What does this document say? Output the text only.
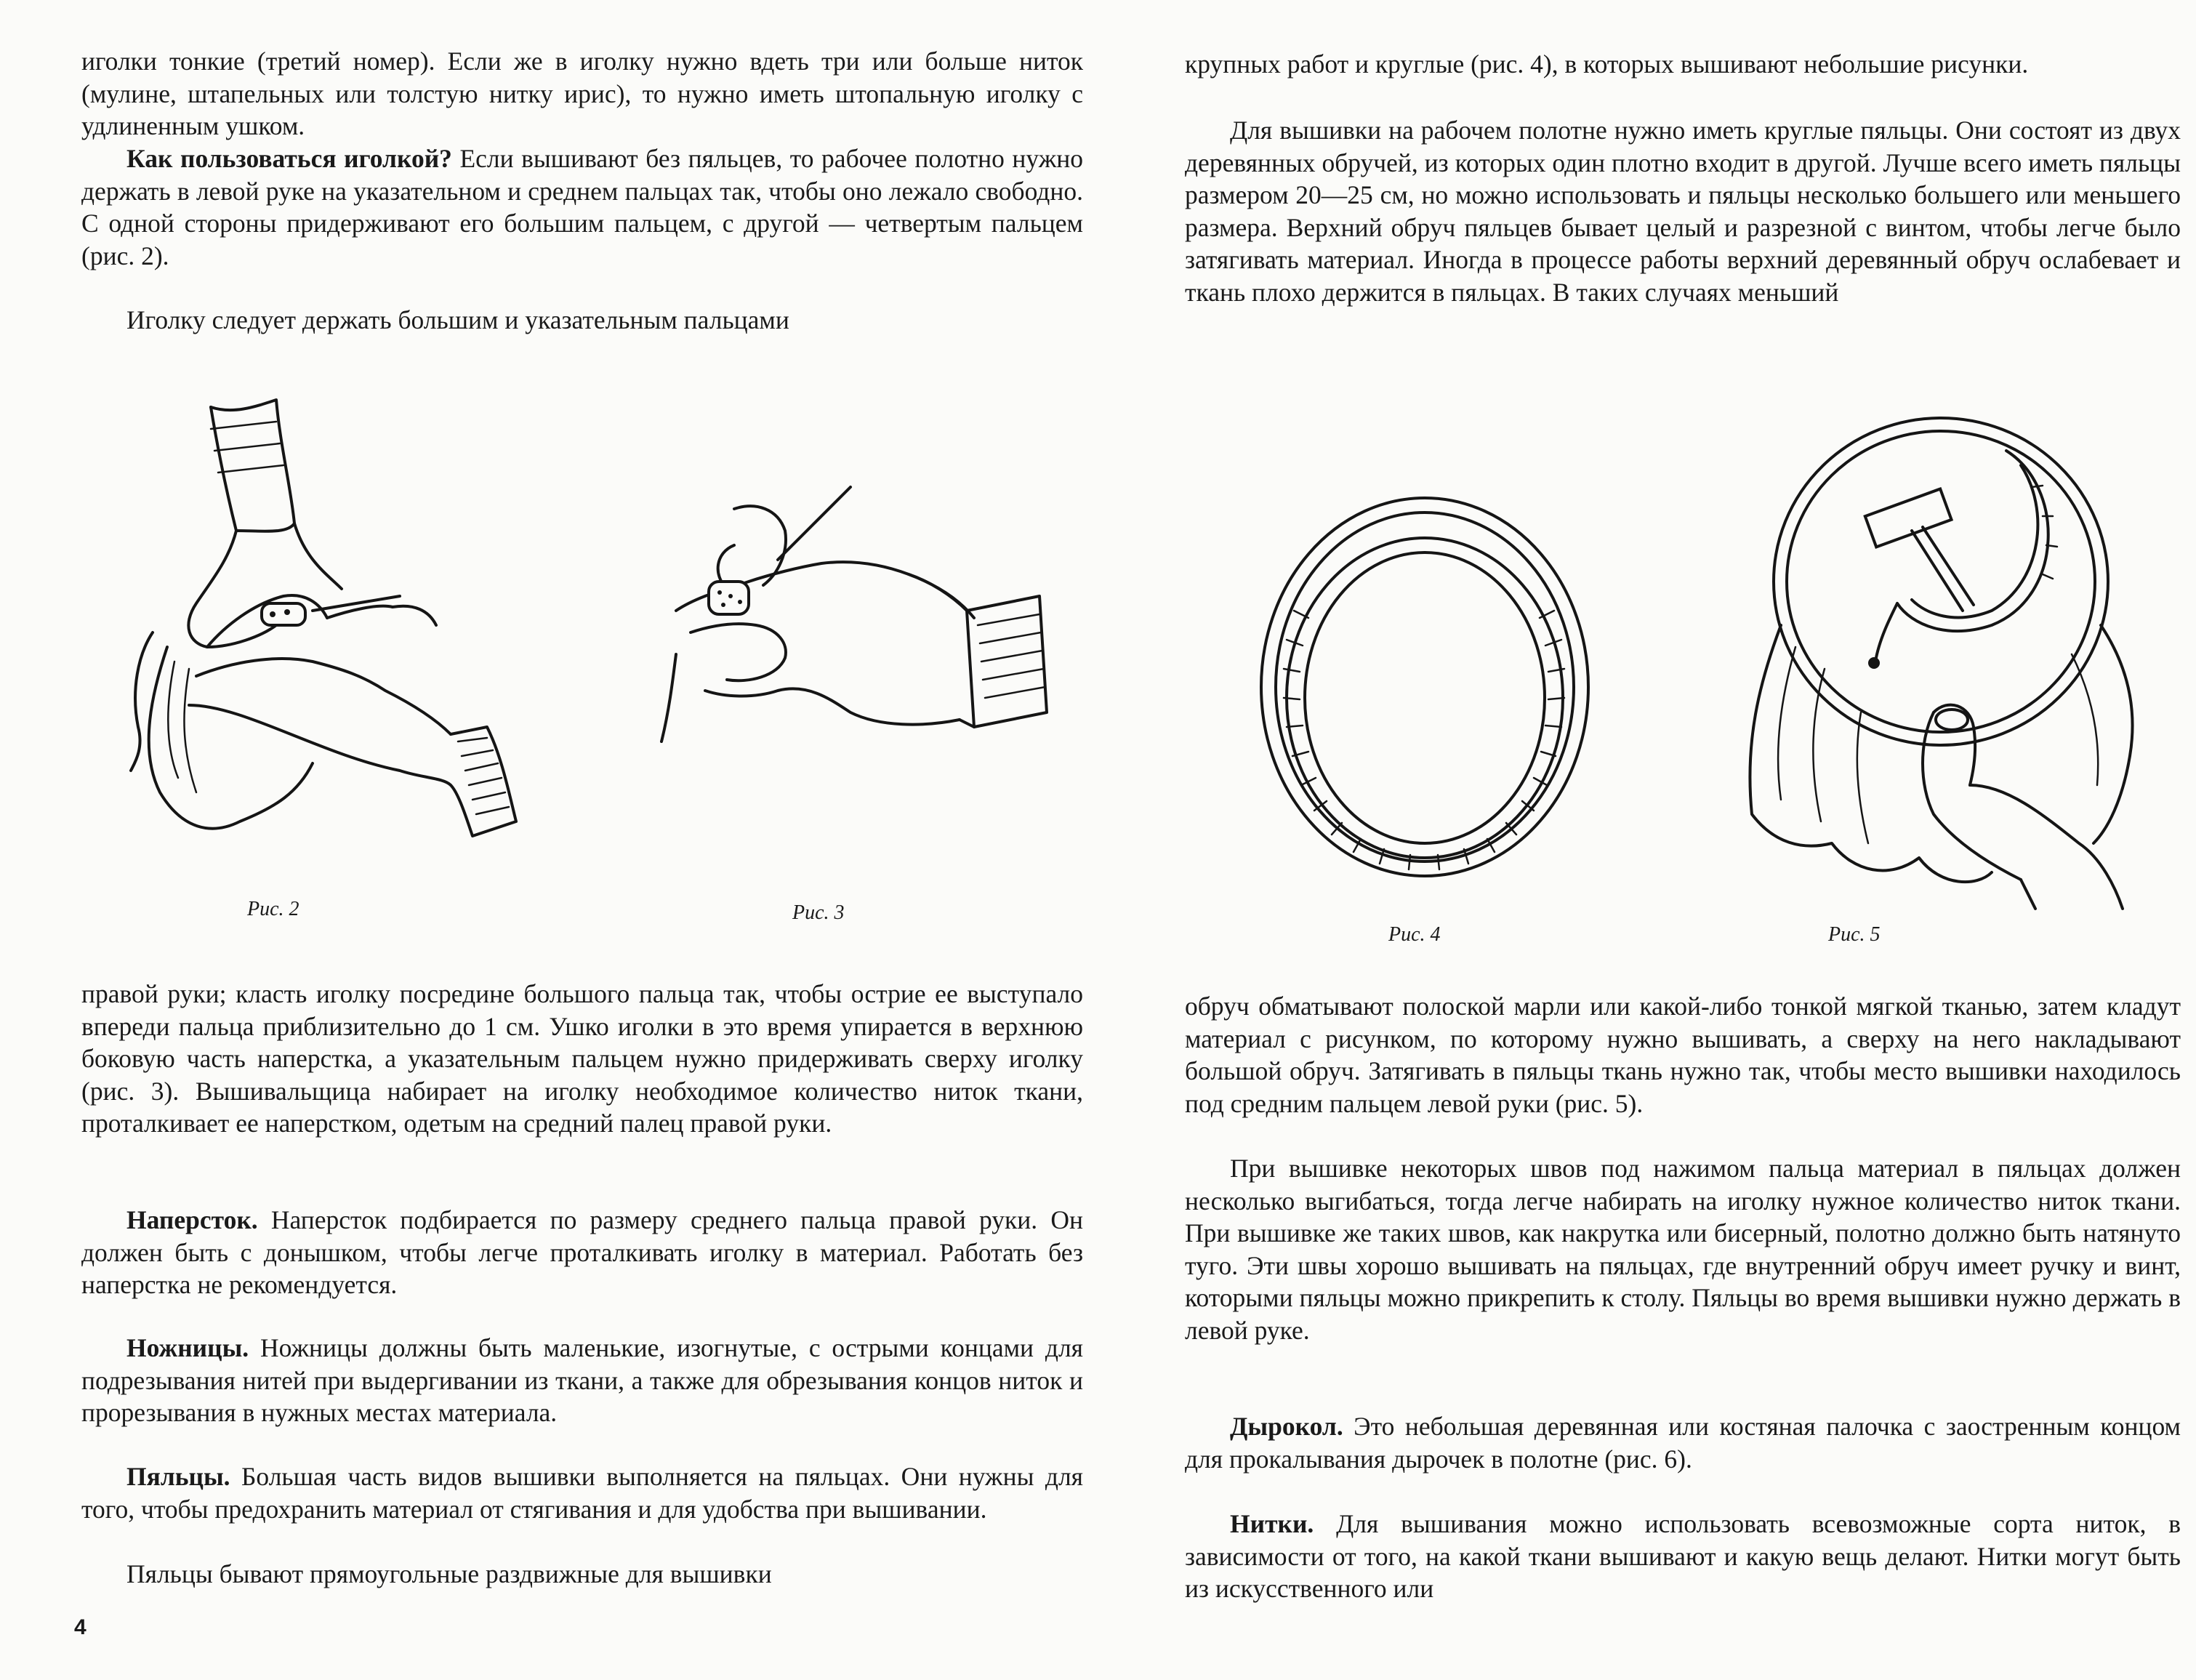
иголки тонкие (третий номер). Если же в иголку нужно вдеть три или больше ниток (мулине, штапельных или толстую нитку ирис), то нужно иметь штопальную иголку с удлиненным ушком.

Как пользоваться иголкой? Если вышивают без пяльцев, то рабочее полотно нужно держать в левой руке на указательном и среднем пальцах так, чтобы оно лежало свободно. С одной стороны придерживают его большим пальцем, с другой — четвертым пальцем (рис. 2).

Иголку следует держать большим и указательным пальцами

Рис. 2	Рис. 3

правой руки; класть иголку посредине большого пальца так, чтобы острие ее выступало впереди пальца приблизительно до 1 см. Ушко иголки в это время упирается в верхнюю боковую часть наперстка, а указательным пальцем нужно придерживать сверху иголку (рис. 3). Вышивальщица набирает на иголку необходимое количество ниток ткани, проталкивает ее наперстком, одетым на средний палец правой руки.

Наперсток. Наперсток подбирается по размеру среднего пальца правой руки. Он должен быть с донышком, чтобы легче проталкивать иголку в материал. Работать без наперстка не рекомендуется.

Ножницы. Ножницы должны быть маленькие, изогнутые, с острыми концами для подрезывания нитей при выдергивании из ткани, а также для обрезывания концов ниток и прорезывания в нужных местах материала.

Пяльцы. Большая часть видов вышивки выполняется на пяльцах. Они нужны для того, чтобы предохранить материал от стягивания и для удобства при вышивании.

Пяльцы бывают прямоугольные раздвижные для вышивки

4

крупных работ и круглые (рис. 4), в которых вышивают небольшие рисунки.

Для вышивки на рабочем полотне нужно иметь круглые пяльцы. Они состоят из двух деревянных обручей, из которых один плотно входит в другой. Лучше всего иметь пяльцы размером 20—25 см, но можно использовать и пяльцы несколько большего или меньшего размера. Верхний обруч пяльцев бывает целый и разрезной с винтом, чтобы легче было затягивать материал. Иногда в процессе работы верхний деревянный обруч ослабевает и ткань плохо держится в пяльцах. В таких случаях меньший

Рис. 4	Рис. 5

обруч обматывают полоской марли или какой-либо тонкой мягкой тканью, затем кладут материал с рисунком, по которому нужно вышивать, а сверху на него накладывают большой обруч. Затягивать в пяльцы ткань нужно так, чтобы место вышивки находилось под средним пальцем левой руки (рис. 5).

При вышивке некоторых швов под нажимом пальца материал в пяльцах должен несколько выгибаться, тогда легче набирать на иголку нужное количество ниток ткани. При вышивке же таких швов, как накрутка или бисерный, полотно должно быть натянуто туго. Эти швы хорошо вышивать на пяльцах, где внутренний обруч имеет ручку и винт, которыми пяльцы можно прикрепить к столу. Пяльцы во время вышивки нужно держать в левой руке.

Дырокол. Это небольшая деревянная или костяная палочка с заостренным концом для прокалывания дырочек в полотне (рис. 6).

Нитки. Для вышивания можно использовать всевозможные сорта ниток, в зависимости от того, на какой ткани вышивают и какую вещь делают. Нитки могут быть из искусственного или
